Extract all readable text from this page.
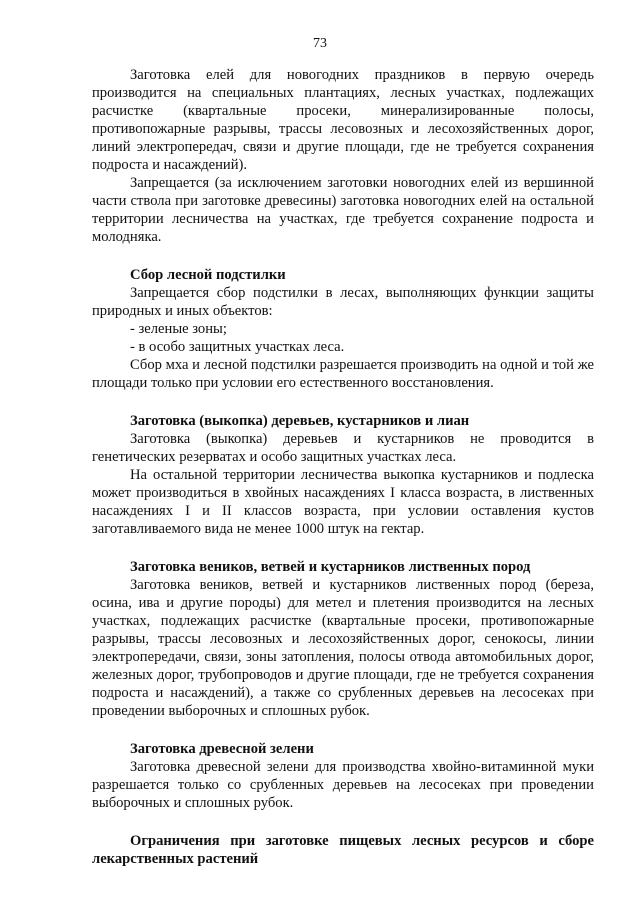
73

Заготовка елей для новогодних праздников в первую очередь производится на специальных плантациях, лесных участках, подлежащих расчистке (квартальные просеки, минерализированные полосы, противопожарные разрывы, трассы лесовозных и лесохозяйственных дорог, линий электропередач, связи и другие площади, где не требуется сохранения подроста и насаждений).

Запрещается (за исключением заготовки новогодних елей из вершинной части ствола при заготовке древесины) заготовка новогодних елей на остальной территории лесничества на участках, где требуется сохранение подроста и молодняка.

Сбор лесной подстилки

Запрещается сбор подстилки в лесах, выполняющих функции защиты природных и иных объектов:

- зеленые зоны;

- в особо защитных участках леса.

Сбор мха и лесной подстилки разрешается производить на одной и той же площади только при условии его естественного восстановления.

Заготовка (выкопка) деревьев, кустарников и лиан

Заготовка (выкопка) деревьев и кустарников не проводится в генетических резерватах и особо защитных участках леса.

На остальной территории лесничества выкопка кустарников и подлеска может производиться в хвойных насаждениях I класса возраста, в лиственных насаждениях I и II классов возраста, при условии оставления кустов заготавливаемого вида не менее 1000 штук на гектар.

Заготовка веников, ветвей и кустарников лиственных пород

Заготовка веников, ветвей и кустарников лиственных пород (береза, осина, ива и другие породы) для метел и плетения производится на лесных участках, подлежащих расчистке (квартальные просеки, противопожарные разрывы, трассы лесовозных и лесохозяйственных дорог, сенокосы, линии электропередачи, связи, зоны затопления, полосы отвода автомобильных дорог, железных дорог, трубопроводов и другие площади, где не требуется сохранения подроста и насаждений), а также со срубленных деревьев на лесосеках при проведении выборочных и сплошных рубок.

Заготовка древесной зелени

Заготовка древесной зелени для производства хвойно-витаминной муки разрешается только со срубленных деревьев на лесосеках при проведении выборочных и сплошных рубок.

Ограничения при заготовке пищевых лесных ресурсов и сборе лекарственных растений
